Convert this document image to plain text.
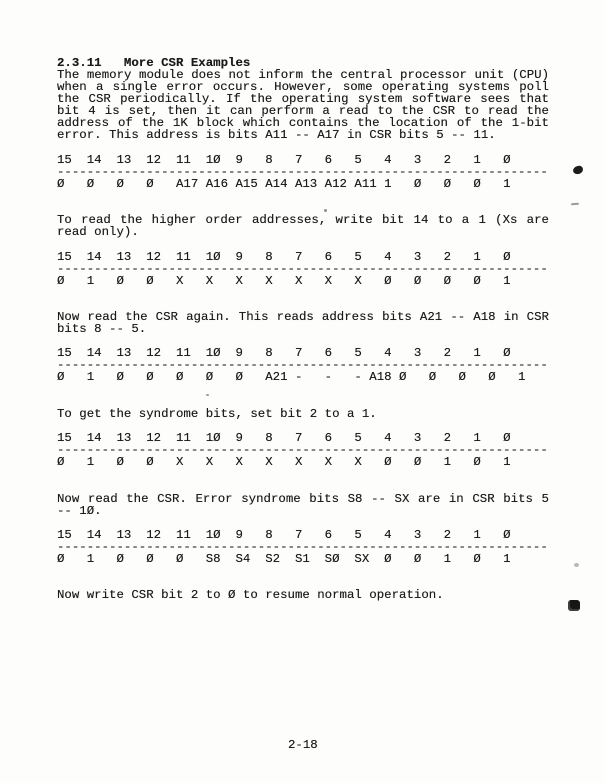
2.3.11   More CSR Examples
The memory module does not inform the central processor unit (CPU)
when a single error occurs. However, some operating systems poll
the CSR periodically. If the operating system software sees that
bit 4 is set, then it can perform a read to the CSR to read the
address of the 1K block which contains the location of the 1-bit
error. This address is bits A11 -- A17 in CSR bits 5 -- 11.
15  14  13  12  11  1Ø  9   8   7   6   5   4   3   2   1   Ø
------------------------------------------------------------------
Ø   Ø   Ø   Ø   A17 A16 A15 A14 A13 A12 A11 1   Ø   Ø   Ø   1
To read the higher order addresses, write bit 14 to a 1 (Xs are
read only).
15  14  13  12  11  1Ø  9   8   7   6   5   4   3   2   1   Ø
------------------------------------------------------------------
Ø   1   Ø   Ø   X   X   X   X   X   X   X   Ø   Ø   Ø   Ø   1
Now read the CSR again. This reads address bits A21 -- A18 in CSR
bits 8 -- 5.
15  14  13  12  11  1Ø  9   8   7   6   5   4   3   2   1   Ø
------------------------------------------------------------------
Ø   1   Ø   Ø   Ø   Ø   Ø   A21 -   -   - A18 Ø   Ø   Ø   Ø   1
To get the syndrome bits, set bit 2 to a 1.
15  14  13  12  11  1Ø  9   8   7   6   5   4   3   2   1   Ø
------------------------------------------------------------------
Ø   1   Ø   Ø   X   X   X   X   X   X   X   Ø   Ø   1   Ø   1
Now read the CSR. Error syndrome bits S8 -- SX are in CSR bits 5
-- 1Ø.
15  14  13  12  11  1Ø  9   8   7   6   5   4   3   2   1   Ø
------------------------------------------------------------------
Ø   1   Ø   Ø   Ø   S8  S4  S2  S1  SØ  SX  Ø   Ø   1   Ø   1
Now write CSR bit 2 to Ø to resume normal operation.
2-18
